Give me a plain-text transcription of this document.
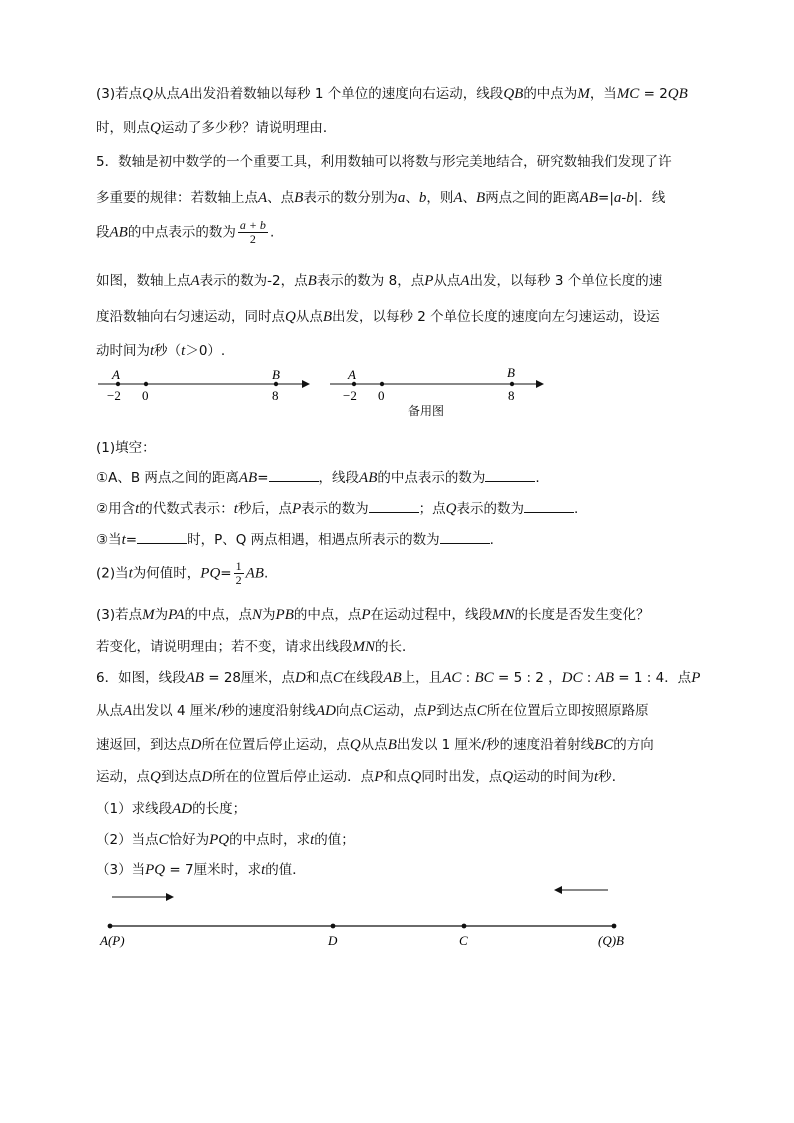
(3)若点Q从点A出发沿着数轴以每秒 1 个单位的速度向右运动，线段QB的中点为M，当MC = 2QB
时，则点Q运动了多少秒？请说明理由．
5．数轴是初中数学的一个重要工具，利用数轴可以将数与形完美地结合，研究数轴我们发现了许
多重要的规律：若数轴上点A、点B表示的数分别为a、b，则A、B两点之间的距离AB=|a-b|．线
段AB的中点表示的数为 $\frac{a + b}{2}$ .
如图，数轴上点A表示的数为-2，点B表示的数为 8，点P从点A出发，以每秒 3 个单位长度的速
度沿数轴向右匀速运动，同时点Q从点B出发，以每秒 2 个单位长度的速度向左匀速运动，设运
动时间为t秒（t＞0）.
A	B
−2 0	8
A	B
−2 0	8
备用图
(1)填空：
①A、B 两点之间的距离AB=	，线段AB的中点表示的数为	.
②用含t的代数式表示：t秒后，点P表示的数为	；点Q表示的数为	.
③当t=	时，P、Q 两点相遇，相遇点所表示的数为	.
(2)当t为何值时，$PQ= \frac{1}{2}$ AB.
(3)若点M为PA的中点，点N为PB的中点，点P在运动过程中，线段MN的长度是否发生变化？
若变化，请说明理由；若不变，请求出线段MN的长．
6．如图，线段AB = 28厘米，点D和点C在线段AB上，且AC : BC = 5 : 2 ，DC : AB = 1 : 4．点P
从点A出发以 4 厘米/秒的速度沿射线AD向点C运动，点P到达点C所在位置后立即按照原路原
速返回，到达点D所在位置后停止运动，点Q从点B出发以 1 厘米/秒的速度沿着射线BC的方向
运动，点Q到达点D所在的位置后停止运动．点P和点Q同时出发，点Q运动的时间为t秒．
（1）求线段AD的长度；
（2）当点C恰好为PQ的中点时，求t的值；
（3）当PQ = 7厘米时，求t的值．
A(P)	D	C	(Q)B
